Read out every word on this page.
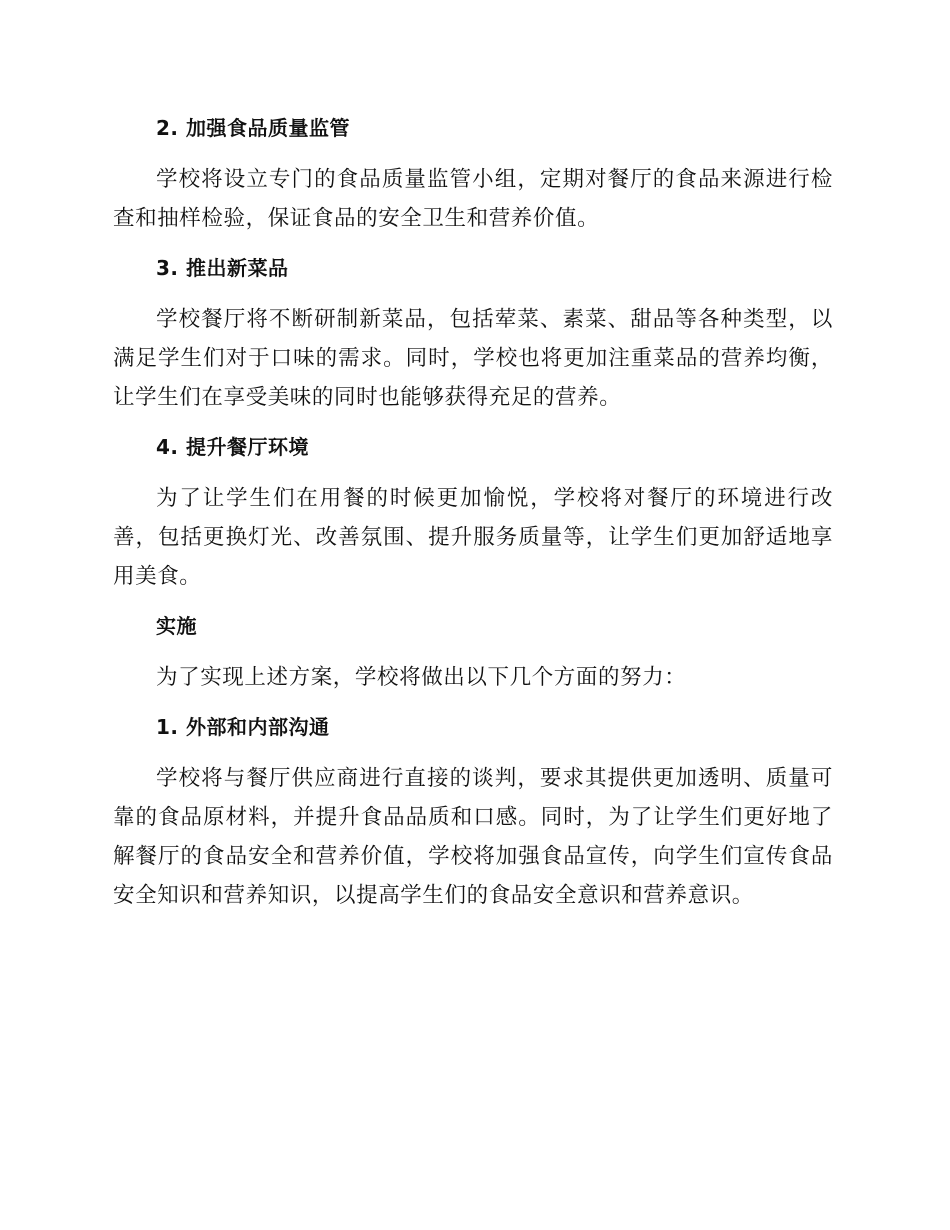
2. 加强食品质量监管

学校将设立专门的食品质量监管小组，定期对餐厅的食品来源进行检查和抽样检验，保证食品的安全卫生和营养价值。

3. 推出新菜品

学校餐厅将不断研制新菜品，包括荤菜、素菜、甜品等各种类型，以满足学生们对于口味的需求。同时，学校也将更加注重菜品的营养均衡，让学生们在享受美味的同时也能够获得充足的营养。

4. 提升餐厅环境

为了让学生们在用餐的时候更加愉悦，学校将对餐厅的环境进行改善，包括更换灯光、改善氛围、提升服务质量等，让学生们更加舒适地享用美食。

实施

为了实现上述方案，学校将做出以下几个方面的努力：

1. 外部和内部沟通

学校将与餐厅供应商进行直接的谈判，要求其提供更加透明、质量可靠的食品原材料，并提升食品品质和口感。同时，为了让学生们更好地了解餐厅的食品安全和营养价值，学校将加强食品宣传，向学生们宣传食品安全知识和营养知识，以提高学生们的食品安全意识和营养意识。
